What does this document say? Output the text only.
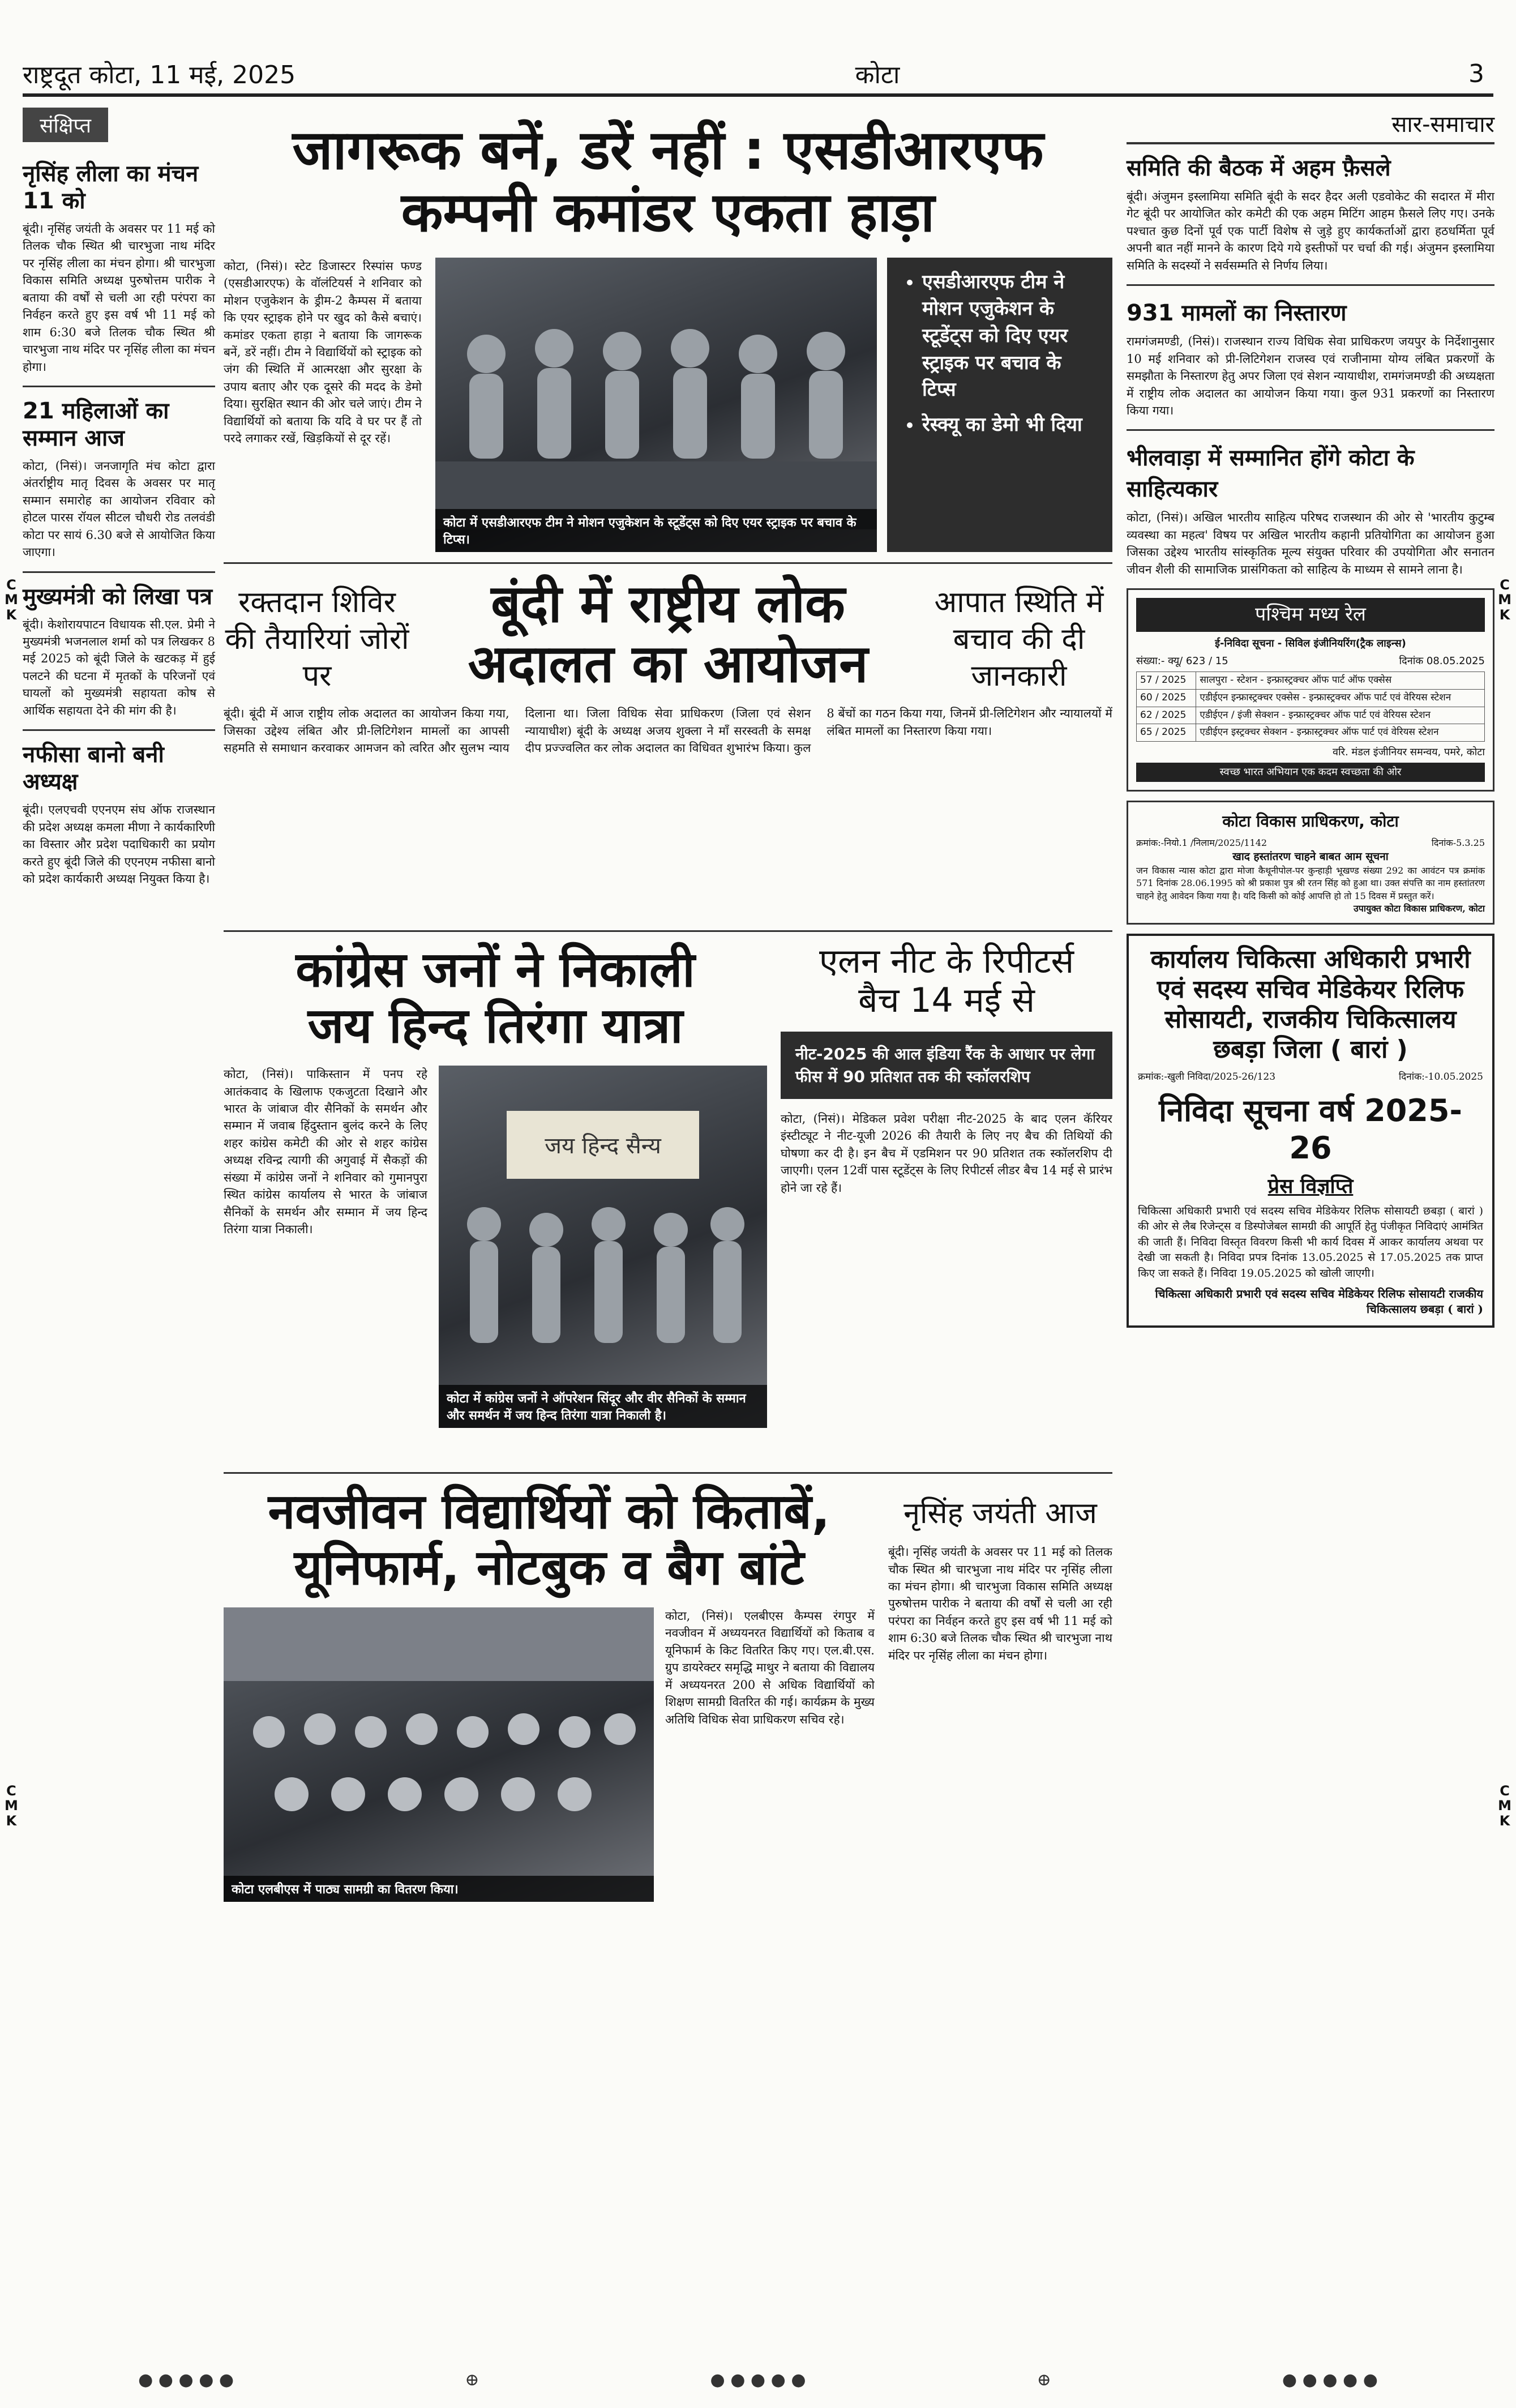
राष्ट्रदूत कोटा, 11 मई, 2025	कोटा	3
C
M
K
C
M
K
C
M
K
C
M
K
संक्षिप्त
नृसिंह लीला का मंचन 11 को
बूंदी। नृसिंह जयंती के अवसर पर 11 मई को तिलक चौक स्थित श्री चारभुजा नाथ मंदिर पर नृसिंह लीला का मंचन होगा। श्री चारभुजा विकास समिति अध्यक्ष पुरुषोत्तम पारीक ने बताया की वर्षों से चली आ रही परंपरा का निर्वहन करते हुए इस वर्ष भी 11 मई को शाम 6:30 बजे तिलक चौक स्थित श्री चारभुजा नाथ मंदिर पर नृसिंह लीला का मंचन होगा।
21 महिलाओं का सम्मान आज
कोटा, (निसं)। जनजागृति मंच कोटा द्वारा अंतर्राष्ट्रीय मातृ दिवस के अवसर पर मातृ सम्मान समारोह का आयोजन रविवार को होटल पारस रॉयल सीटल चौधरी रोड तलवंडी कोटा पर सायं 6.30 बजे से आयोजित किया जाएगा।
मुख्यमंत्री को लिखा पत्र
बूंदी। केशोरायपाटन विधायक सी.एल. प्रेमी ने मुख्यमंत्री भजनलाल शर्मा को पत्र लिखकर 8 मई 2025 को बूंदी जिले के खटकड़ में हुई पलटने की घटना में मृतकों के परिजनों एवं घायलों को मुख्यमंत्री सहायता कोष से आर्थिक सहायता देने की मांग की है।
नफीसा बानो बनी अध्यक्ष
बूंदी। एलएचवी एएनएम संघ ऑफ राजस्थान की प्रदेश अध्यक्ष कमला मीणा ने कार्यकारिणी का विस्तार और प्रदेश पदाधिकारी का प्रयोग करते हुए बूंदी जिले की एएनएम नफीसा बानो को प्रदेश कार्यकारी अध्यक्ष नियुक्त किया है।
जागरूक बनें, डरें नहीं : एसडीआरएफ
कम्पनी कमांडर एकता हाड़ा
कोटा, (निसं)। स्टेट डिजास्टर रिस्पांस फण्ड (एसडीआरएफ) के वॉलंटियर्स ने शनिवार को मोशन एजुकेशन के ड्रीम-2 कैम्पस में बताया कि एयर स्ट्राइक होने पर खुद को कैसे बचाएं। कमांडर एकता हाड़ा ने बताया कि जागरूक बनें, डरें नहीं। टीम ने विद्यार्थियों को स्ट्राइक को जंग की स्थिति में आत्मरक्षा और सुरक्षा के उपाय बताए और एक दूसरे की मदद के डेमो दिया। सुरक्षित स्थान की ओर चले जाएं। टीम ने विद्यार्थियों को बताया कि यदि वे घर पर हैं तो परदे लगाकर रखें, खिड़कियों से दूर रहें।
कोटा में एसडीआरएफ टीम ने मोशन एजुकेशन के स्टूडेंट्स को दिए एयर स्ट्राइक पर बचाव के टिप्स।
• एसडीआरएफ टीम ने मोशन एजुकेशन के स्टूडेंट्स को दिए एयर स्ट्राइक पर बचाव के टिप्स
• रेस्क्यू का डेमो भी दिया
रक्तदान शिविर की तैयारियां जोरों पर
बूंदी में राष्ट्रीय लोक अदालत का आयोजन
आपात स्थिति में बचाव की दी जानकारी
बूंदी। बूंदी में आज राष्ट्रीय लोक अदालत का आयोजन किया गया, जिसका उद्देश्य लंबित और प्री-लिटिगेशन मामलों का आपसी सहमति से समाधान करवाकर आमजन को त्वरित और सुलभ न्याय दिलाना था। जिला विधिक सेवा प्राधिकरण (जिला एवं सेशन न्यायाधीश) बूंदी के अध्यक्ष अजय शुक्ला ने मॉं सरस्वती के समक्ष दीप प्रज्ज्वलित कर लोक अदालत का विधिवत शुभारंभ किया। कुल 8 बेंचों का गठन किया गया, जिनमें प्री-लिटिगेशन और न्यायालयों में लंबित मामलों का निस्तारण किया गया।
कांग्रेस जनों ने निकाली
जय हिन्द तिरंगा यात्रा
कोटा, (निसं)। पाकिस्तान में पनप रहे आतंकवाद के खिलाफ एकजुटता दिखाने और भारत के जांबाज वीर सैनिकों के समर्थन और सम्मान में जवाब हिंदुस्तान बुलंद करने के लिए शहर कांग्रेस कमेटी की ओर से शहर कांग्रेस अध्यक्ष रविन्द्र त्यागी की अगुवाई में सैकड़ों की संख्या में कांग्रेस जनों ने शनिवार को गुमानपुरा स्थित कांग्रेस कार्यालय से भारत के जांबाज सैनिकों के समर्थन और सम्मान में जय हिन्द तिरंगा यात्रा निकाली।
जय हिन्द सैन्य
कोटा में कांग्रेस जनों ने ऑपरेशन सिंदूर और वीर सैनिकों के सम्मान और समर्थन में जय हिन्द तिरंगा यात्रा निकाली है।
एलन नीट के रिपीटर्स
बैच 14 मई से
नीट-2025 की आल इंडिया रैंक के आधार पर लेगा फीस में 90 प्रतिशत तक की स्कॉलरशिप
कोटा, (निसं)। मेडिकल प्रवेश परीक्षा नीट-2025 के बाद एलन कॅरियर इंस्टीट्यूट ने नीट-यूजी 2026 की तैयारी के लिए नए बैच की तिथियों की घोषणा कर दी है। इन बैच में एडमिशन पर 90 प्रतिशत तक स्कॉलरशिप दी जाएगी। एलन 12वीं पास स्टूडेंट्स के लिए रिपीटर्स लीडर बैच 14 मई से प्रारंभ होने जा रहे हैं।
नवजीवन विद्यार्थियों को किताबें,
यूनिफार्म, नोटबुक व बैग बांटे
कोटा एलबीएस में पाठ्य सामग्री का वितरण किया।
कोटा, (निसं)। एलबीएस कैम्पस रंगपुर में नवजीवन में अध्ययनरत विद्यार्थियों को किताब व यूनिफार्म के किट वितरित किए गए। एल.बी.एस. ग्रुप डायरेक्टर समृद्धि माथुर ने बताया की विद्यालय में अध्ययनरत 200 से अधिक विद्यार्थियों को शिक्षण सामग्री वितरित की गई। कार्यक्रम के मुख्य अतिथि विधिक सेवा प्राधिकरण सचिव रहे।
नृसिंह जयंती आज
बूंदी। नृसिंह जयंती के अवसर पर 11 मई को तिलक चौक स्थित श्री चारभुजा नाथ मंदिर पर नृसिंह लीला का मंचन होगा। श्री चारभुजा विकास समिति अध्यक्ष पुरुषोत्तम पारीक ने बताया की वर्षों से चली आ रही परंपरा का निर्वहन करते हुए इस वर्ष भी 11 मई को शाम 6:30 बजे तिलक चौक स्थित श्री चारभुजा नाथ मंदिर पर नृसिंह लीला का मंचन होगा।
सार-समाचार
समिति की बैठक में अहम फ़ैसले
बूंदी। अंजुमन इस्लामिया समिति बूंदी के सदर हैदर अली एडवोकेट की सदारत में मीरा गेट बूंदी पर आयोजित कोर कमेटी की एक अहम मिटिंग आहम फ़ैसले लिए गए। उनके पश्चात कुछ दिनों पूर्व एक पार्टी विशेष से जुड़े हुए कार्यकर्ताओं द्वारा हठधर्मिता पूर्व अपनी बात नहीं मानने के कारण दिये गये इस्तीफों पर चर्चा की गई। अंजुमन इस्लामिया समिति के सदस्यों ने सर्वसम्मति से निर्णय लिया।
931 मामलों का निस्तारण
रामगंजमण्डी, (निसं)। राजस्थान राज्य विधिक सेवा प्राधिकरण जयपुर के निर्देशानुसार 10 मई शनिवार को प्री-लिटिगेशन राजस्व एवं राजीनामा योग्य लंबित प्रकरणों के समझौता के निस्तारण हेतु अपर जिला एवं सेशन न्यायाधीश, रामगंजमण्डी की अध्यक्षता में राष्ट्रीय लोक अदालत का आयोजन किया गया। कुल 931 प्रकरणों का निस्तारण किया गया।
भीलवाड़ा में सम्मानित होंगे कोटा के साहित्यकार
कोटा, (निसं)। अखिल भारतीय साहित्य परिषद राजस्थान की ओर से 'भारतीय कुटुम्ब व्यवस्था का महत्व' विषय पर अखिल भारतीय कहानी प्रतियोगिता का आयोजन हुआ जिसका उद्देश्य भारतीय सांस्कृतिक मूल्य संयुक्त परिवार की उपयोगिता और सनातन जीवन शैली की सामाजिक प्रासंगिकता को साहित्य के माध्यम से सामने लाना है।
पश्चिम मध्य रेल
ई-निविदा सूचना - सिविल इंजीनियरिंग(ट्रैक लाइन्स)
संख्या:- क्यू/ 623 / 15	दिनांक 08.05.2025
57 / 2025	सालपुरा - स्टेशन - इन्फ्रास्ट्रक्चर ऑफ पार्ट ऑफ एक्सेस
60 / 2025	एडीईएन इन्फ्रास्ट्रक्चर एक्सेस - इन्फ्रास्ट्रक्चर ऑफ पार्ट एवं वेरियस स्टेशन
62 / 2025	एडीईएन / इंजी सेक्शन - इन्फ्रास्ट्रक्चर ऑफ पार्ट एवं वेरियस स्टेशन
65 / 2025	एडीईएन इस्ट्रक्चर सेक्शन - इन्फ्रास्ट्रक्चर ऑफ पार्ट एवं वेरियस स्टेशन
वरि. मंडल इंजीनियर समन्वय, पमरे, कोटा
स्वच्छ भारत अभियान एक कदम स्वच्छता की ओर
कोटा विकास प्राधिकरण, कोटा
क्रमांक:-नियो.1 /निलाम/2025/1142	दिनांक-5.3.25
खाद हस्तांतरण चाहने बाबत आम सूचना
जन विकास न्यास कोटा द्वारा मोजा कैथूनीपोल-पर कुन्हाड़ी भूखण्ड संख्या 292 का आवंटन पत्र क्रमांक 571 दिनांक 28.06.1995 को श्री प्रकाश पुत्र श्री रतन सिंह को हुआ था। उक्त संपत्ति का नाम हस्तांतरण चाहने हेतु आवेदन किया गया है। यदि किसी को कोई आपत्ति हो तो 15 दिवस में प्रस्तुत करें।
उपायुक्त कोटा विकास प्राधिकरण, कोटा
कार्यालय चिकित्सा अधिकारी प्रभारी एवं सदस्य सचिव मेडिकेयर रिलिफ सोसायटी, राजकीय चिकित्सालय छबड़ा जिला ( बारां )
क्रमांक:-खुली निविदा/2025-26/123	दिनांक:-10.05.2025
निविदा सूचना वर्ष 2025-26
प्रेस विज्ञप्ति
चिकित्सा अधिकारी प्रभारी एवं सदस्य सचिव मेडिकेयर रिलिफ सोसायटी छबड़ा ( बारां ) की ओर से लैब रिजेन्ट्स व डिस्पोजेबल सामग्री की आपूर्ति हेतु पंजीकृत निविदाएं आमंत्रित की जाती हैं। निविदा विस्तृत विवरण किसी भी कार्य दिवस में आकर कार्यालय अथवा पर देखी जा सकती है। निविदा प्रपत्र दिनांक 13.05.2025 से 17.05.2025 तक प्राप्त किए जा सकते हैं। निविदा 19.05.2025 को खोली जाएगी।
चिकित्सा अधिकारी प्रभारी एवं सदस्य सचिव मेडिकेयर रिलिफ सोसायटी राजकीय चिकित्सालय छबड़ा ( बारां )
● ● ● ● ●	⊕	● ● ● ● ●	⊕	● ● ● ● ●
